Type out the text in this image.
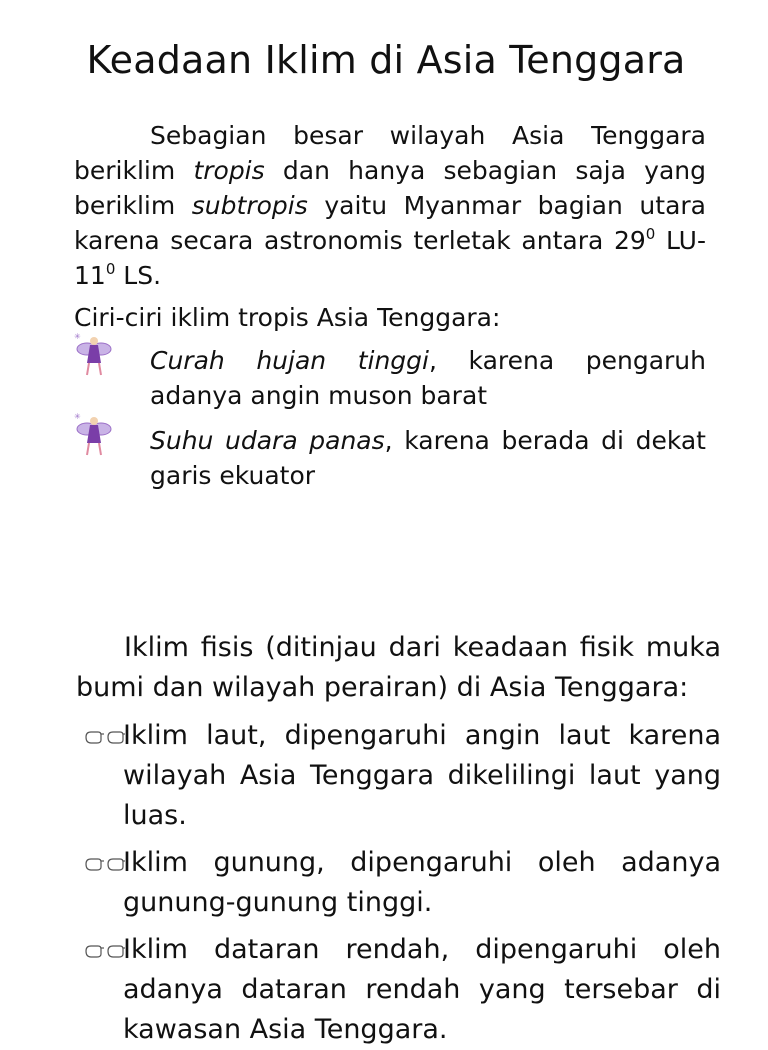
Keadaan Iklim di Asia Tenggara

Sebagian besar wilayah Asia Tenggara beriklim tropis dan hanya sebagian saja yang beriklim subtropis yaitu Myanmar bagian utara karena secara astronomis terletak antara $29^0$ LU- $11^0$ LS.

Ciri-ciri iklim tropis Asia Tenggara:

✳

Curah hujan tinggi, karena pengaruh adanya angin muson barat

✳

Suhu udara panas, karena berada di dekat garis ekuator

Iklim fisis (ditinjau dari keadaan fisik muka bumi dan wilayah perairan) di Asia Tenggara:

Iklim laut, dipengaruhi angin laut karena wilayah Asia Tenggara dikelilingi laut yang luas.

Iklim gunung, dipengaruhi oleh adanya gunung-gunung tinggi.

Iklim dataran rendah, dipengaruhi oleh adanya dataran rendah yang tersebar di kawasan Asia Tenggara.
